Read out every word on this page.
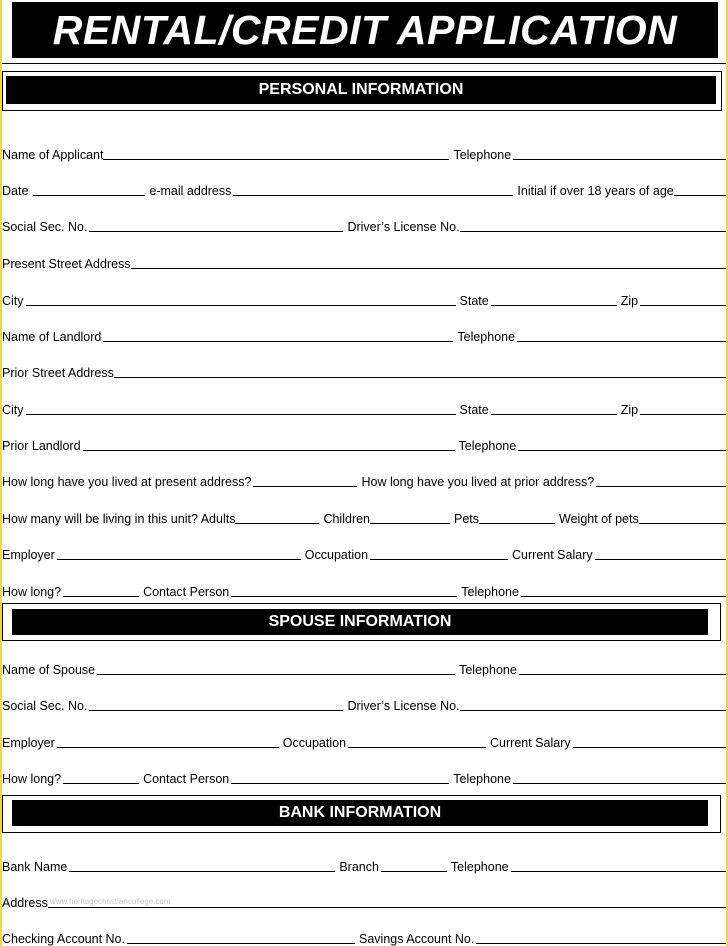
RENTAL/CREDIT APPLICATION
PERSONAL INFORMATION
Name of Applicant	Telephone
Date	e-mail address	Initial if over 18 years of age
Social Sec. No.	Driver’s License No.
Present Street Address
City	State	Zip
Name of Landlord	Telephone
Prior Street Address
City	State	Zip
Prior Landlord	Telephone
How long have you lived at present address?	How long have you lived at prior address?
How many will be living in this unit? Adults	Children	Pets	Weight of pets
Employer	Occupation	Current Salary
How long?	Contact Person	Telephone
SPOUSE INFORMATION
Name of Spouse	Telephone
Social Sec. No.	Driver’s License No.
Employer	Occupation	Current Salary
How long?	Contact Person	Telephone
BANK INFORMATION
Bank Name	Branch	Telephone
Address www.heritagechristiancollege.com
Checking Account No.	Savings Account No.
